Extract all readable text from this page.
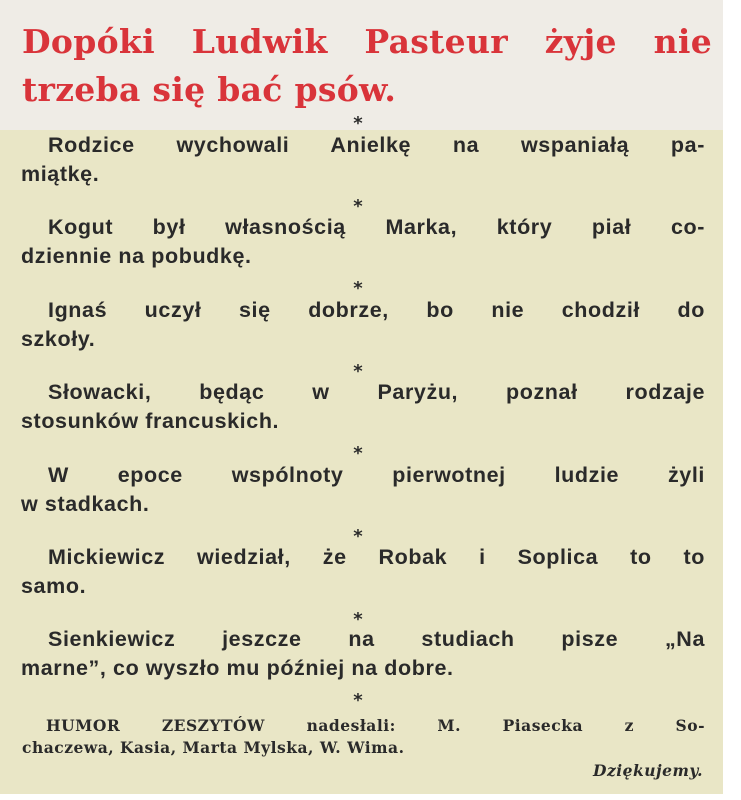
Dopóki Ludwik Pasteur żyje nie
trzeba się bać psów.
*

Rodzice wychowali Anielkę na wspaniałą pa-
miątkę.

*

Kogut był własnością Marka, który piał co-
dziennie na pobudkę.

*

Ignaś uczył się dobrze, bo nie chodził do
szkoły.

*

Słowacki, będąc w Paryżu, poznał rodzaje
stosunków francuskich.

*

W epoce wspólnoty pierwotnej ludzie żyli
w stadkach.

*

Mickiewicz wiedział, że Robak i Soplica to to
samo.

*

Sienkiewicz jeszcze na studiach pisze „Na
marne”, co wyszło mu później na dobre.

*

HUMOR ZESZYTÓW nadesłali: M. Piasecka z So-
chaczewa, Kasia, Marta Mylska, W. Wima.

Dziękujemy.
